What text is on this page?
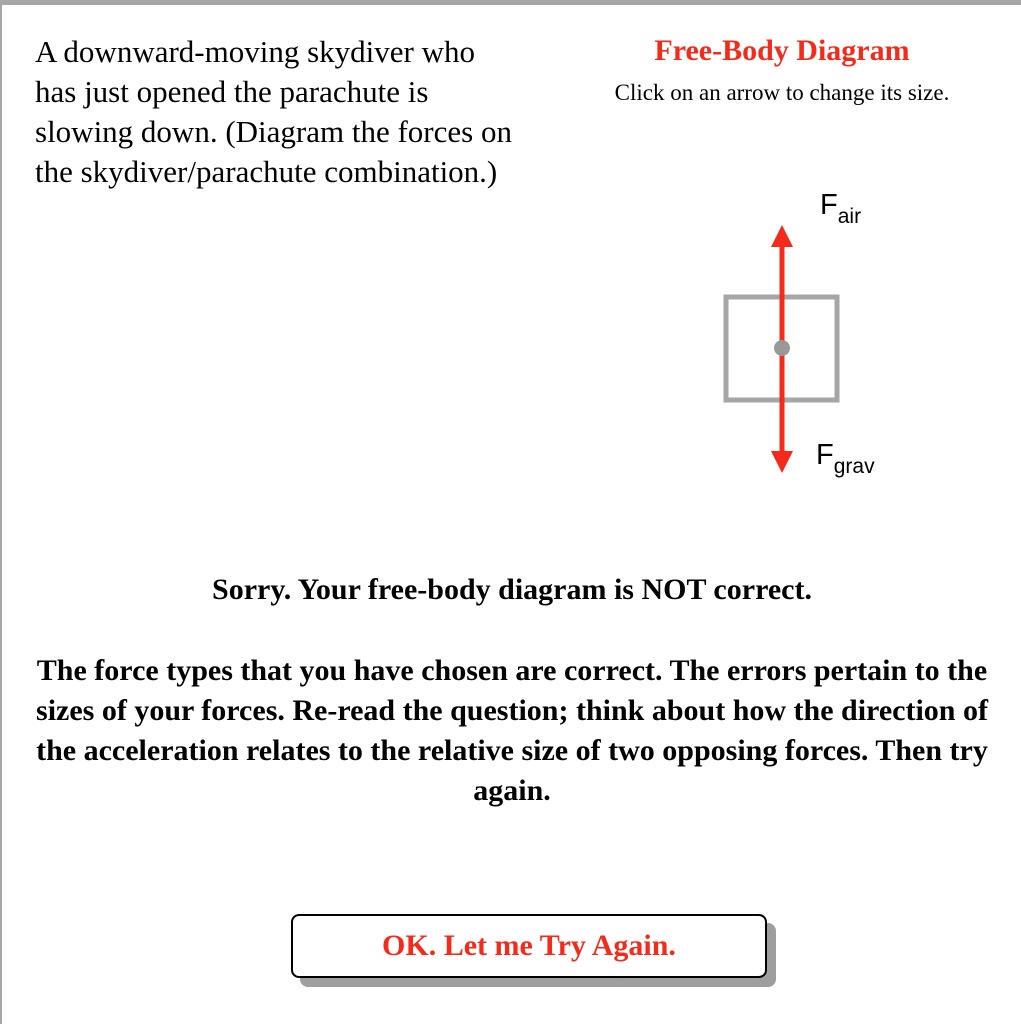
A downward-moving skydiver who has just opened the parachute is slowing down. (Diagram the forces on the skydiver/parachute combination.)
Free-Body Diagram
Click on an arrow to change its size.
$F_{air}$
$F_{grav}$
Sorry. Your free-body diagram is NOT correct.
The force types that you have chosen are correct. The errors pertain to the sizes of your forces. Re-read the question; think about how the direction of the acceleration relates to the relative size of two opposing forces. Then try again.
OK. Let me Try Again.
